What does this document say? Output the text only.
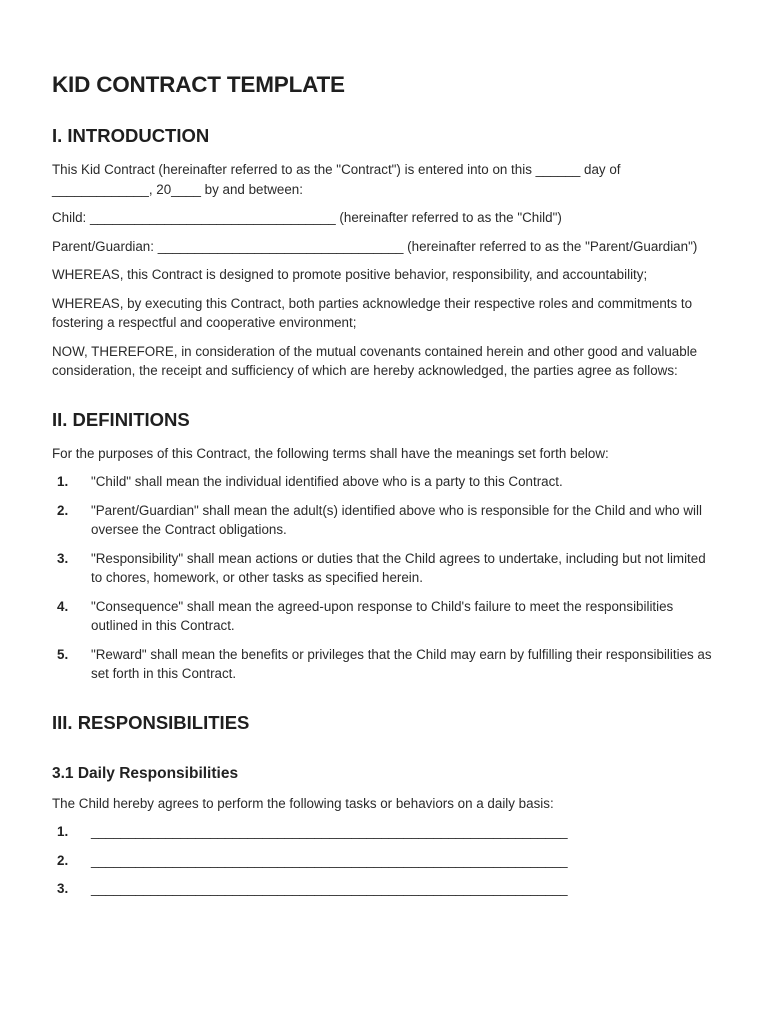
KID CONTRACT TEMPLATE
I. INTRODUCTION

This Kid Contract (hereinafter referred to as the "Contract") is entered into on this ______ day of _____________, 20____ by and between:

Child: _________________________________ (hereinafter referred to as the "Child")

Parent/Guardian: _________________________________ (hereinafter referred to as the "Parent/Guardian")

WHEREAS, this Contract is designed to promote positive behavior, responsibility, and accountability;

WHEREAS, by executing this Contract, both parties acknowledge their respective roles and commitments to fostering a respectful and cooperative environment;

NOW, THEREFORE, in consideration of the mutual covenants contained herein and other good and valuable consideration, the receipt and sufficiency of which are hereby acknowledged, the parties agree as follows:

II. DEFINITIONS

For the purposes of this Contract, the following terms shall have the meanings set forth below:

1. "Child" shall mean the individual identified above who is a party to this Contract.
2. "Parent/Guardian" shall mean the adult(s) identified above who is responsible for the Child and who will oversee the Contract obligations.
3. "Responsibility" shall mean actions or duties that the Child agrees to undertake, including but not limited to chores, homework, or other tasks as specified herein.
4. "Consequence" shall mean the agreed-upon response to Child's failure to meet the responsibilities outlined in this Contract.
5. "Reward" shall mean the benefits or privileges that the Child may earn by fulfilling their responsibilities as set forth in this Contract.
III. RESPONSIBILITIES
3.1 Daily Responsibilities

The Child hereby agrees to perform the following tasks or behaviors on a daily basis:

1. ________________________________________________________________
2. ________________________________________________________________
3. ________________________________________________________________
